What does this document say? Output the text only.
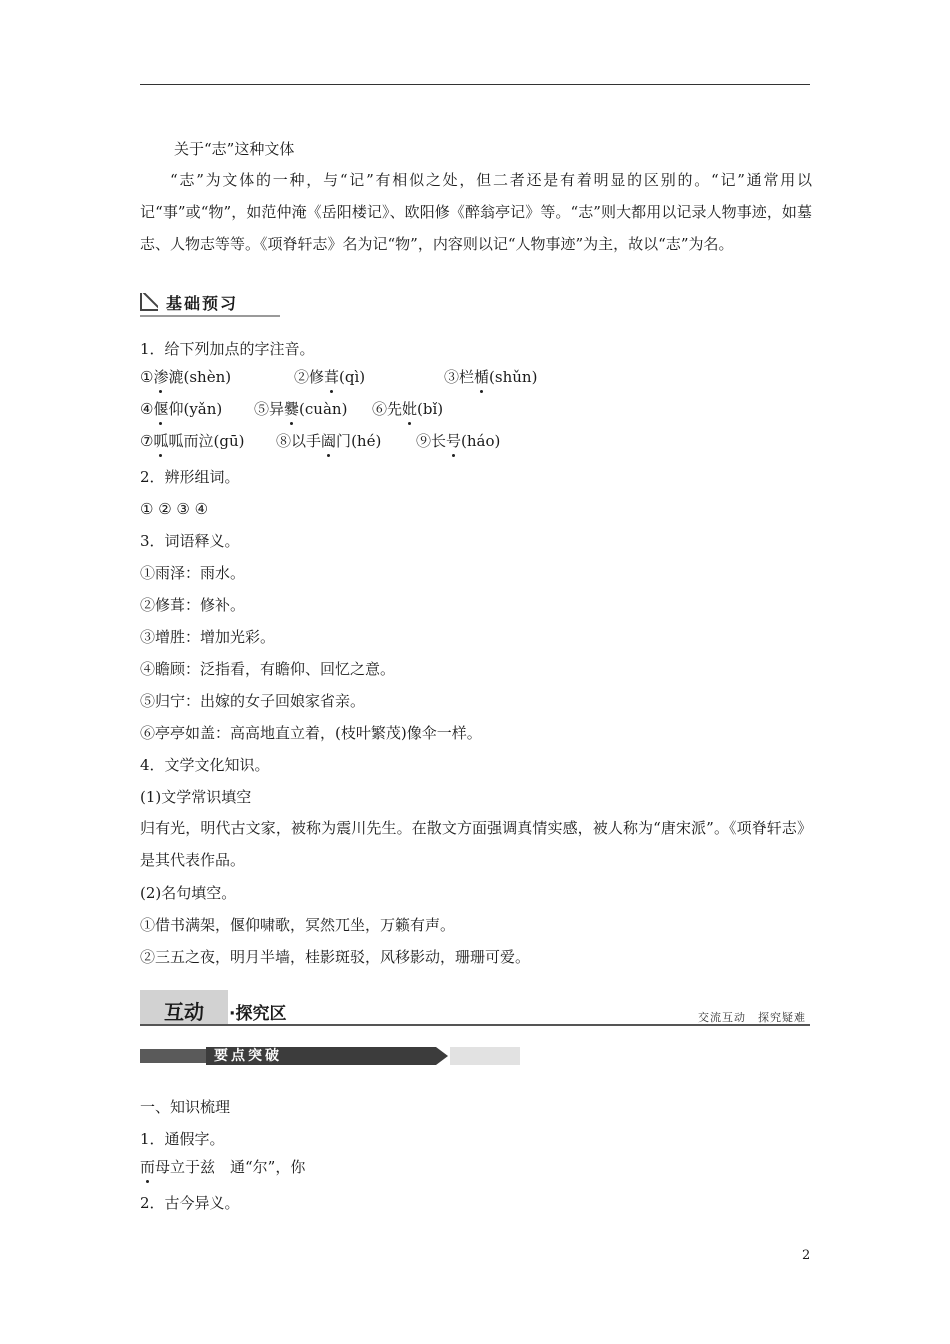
关于“志”这种文体
“志”为文体的一种，与“记”有相似之处，但二者还是有着明显的区别的。“记”通常用以记“事”或“物”，如范仲淹《岳阳楼记》、欧阳修《醉翁亭记》等。“志”则大都用以记录人物事迹，如墓志、人物志等等。《项脊轩志》名为记“物”，内容则以记“人物事迹”为主，故以“志”为名。
基础预习
1．给下列加点的字注音。
①渗漉(shèn)	②修葺(qì)	③栏楯(shǔn)
④偃仰(yǎn) ⑤异爨(cuàn) ⑥先妣(bǐ)
⑦呱呱而泣(gū) ⑧以手阖门(hé) ⑨长号(háo)
2．辨形组词。
① ② ③ ④
3．词语释义。
①雨泽：雨水。
②修葺：修补。
③增胜：增加光彩。
④瞻顾：泛指看，有瞻仰、回忆之意。
⑤归宁：出嫁的女子回娘家省亲。
⑥亭亭如盖：高高地直立着，(枝叶繁茂)像伞一样。
4．文学文化知识。
(1)文学常识填空
归有光，明代古文家，被称为震川先生。在散文方面强调真情实感，被人称为“唐宋派”。《项脊轩志》是其代表作品。
(2)名句填空。
①借书满架，偃仰啸歌，冥然兀坐，万籁有声。
②三五之夜，明月半墙，桂影斑驳，风移影动，珊珊可爱。
互动 ·探究区	交流互动　探究疑难
要点突破
一、知识梳理
1．通假字。
而母立于兹　通“尔”，你
2．古今异义。
2
